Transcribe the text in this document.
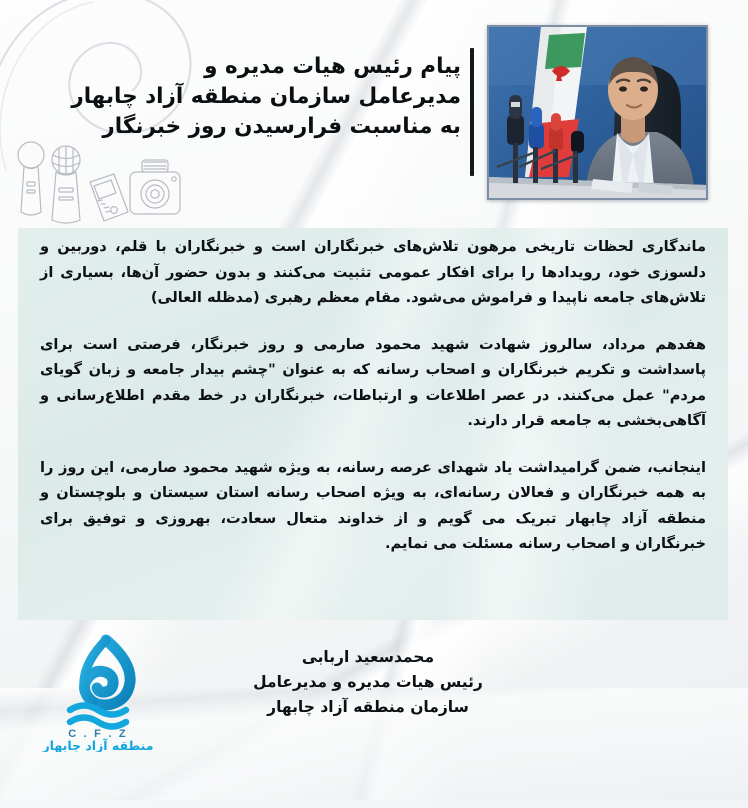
پیام رئیس هیات مدیره و
مدیرعامل سازمان منطقه آزاد چابهار
به مناسبت فرارسیدن روز خبرنگار

ماندگاری لحظات تاریخی مرهون تلاش‌های خبرنگاران است و خبرنگاران با قلم، دوربین و دلسوزی خود، رویدادها را برای افکار عمومی تثبیت می‌کنند و بدون حضور آن‌ها، بسیاری از تلاش‌های جامعه ناپیدا و فراموش می‌شود. مقام معظم رهبری (مدظله العالی)

هفدهم مرداد، سالروز شهادت شهید محمود صارمی و روز خبرنگار، فرصتی است برای پاسداشت و تکریم خبرنگاران و اصحاب رسانه که به عنوان "چشم بیدار جامعه و زبان گویای مردم" عمل می‌کنند. در عصر اطلاعات و ارتباطات، خبرنگاران در خط مقدم اطلاع‌رسانی و آگاهی‌بخشی به جامعه قرار دارند.

اینجانب، ضمن گرامیداشت یاد شهدای عرصه رسانه، به ویژه شهید محمود صارمی، این روز را به همه خبرنگاران و فعالان رسانه‌ای، به ویژه اصحاب رسانه استان سیستان و بلوچستان و منطقه آزاد چابهار تبریک می گویم و از خداوند متعال سعادت، بهروزی و توفیق برای خبرنگاران و اصحاب رسانه مسئلت می نمایم.

محمدسعید اربابی
رئیس هیات مدیره و مدیرعامل
سازمان منطقه آزاد چابهار
C . F . Z
منطقه آزاد چابهار
